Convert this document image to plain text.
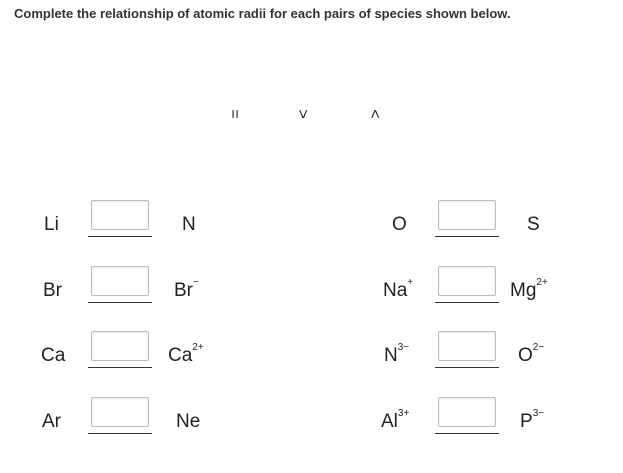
Complete the relationship of atomic radii for each pairs of species shown below.
=	>	<
Li	N	O	S
Br	Br−	Na+	$Mg^{2+}$
Ca	$Ca^{2+}$	$N^{3-}$	$O^{2-}$
Ar	Ne	$Al^{3+}$	$P^{3-}$
